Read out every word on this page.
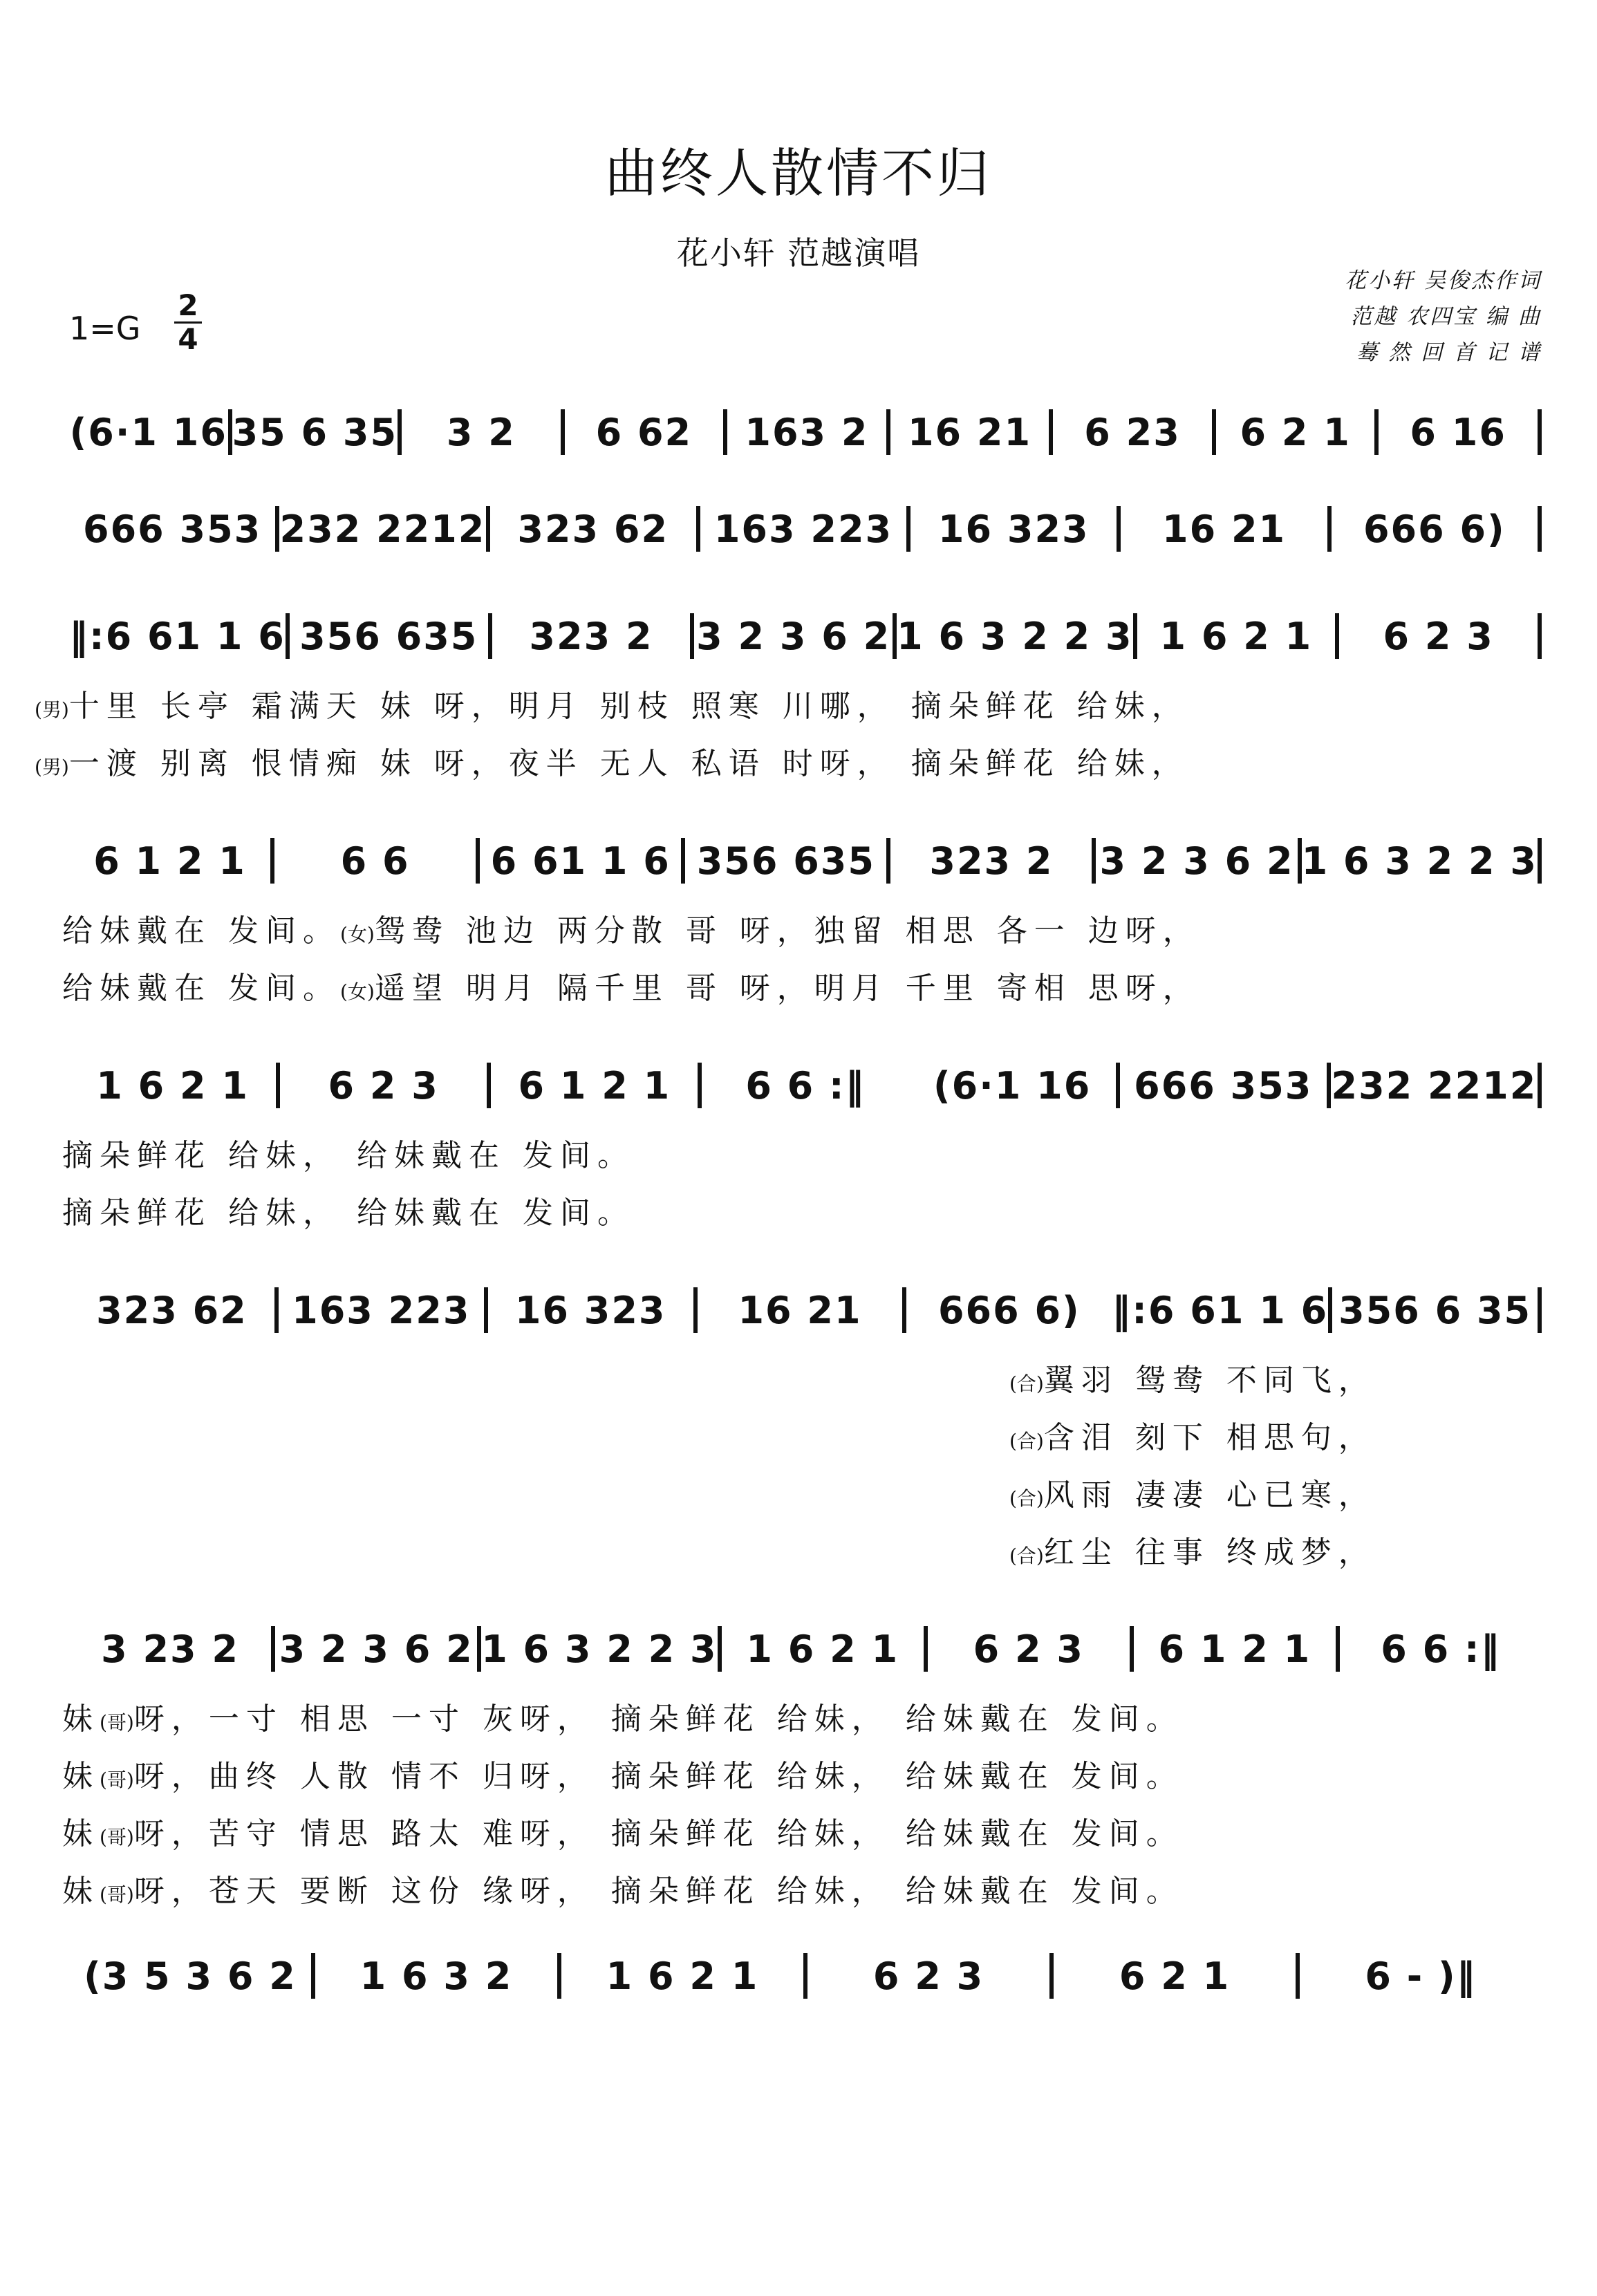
曲终人散情不归
花小轩 范越演唱
花小轩 吴俊杰作词
范越 农四宝 编 曲
蓦 然 回 首 记 谱
1=G
2
4
(6·1 16 35 6 35	3 2	6 62	163 2	16 21	6 23	6 2 1	6 16
666 353 232 2212 323 62	163 223	16 323	16 21	666 6)
‖:6 61 1 6 356 635	323 2	3 2 3 6 2 1 6 3 2 2 3 1 6 2 1	6 2 3
(男)十里 长亭 霜满天 妹 呀，明月 别枝 照寒 川哪， 摘朵鲜花 给妹，
(男)一渡 别离 恨情痴 妹 呀，夜半 无人 私语 时呀， 摘朵鲜花 给妹，
6 1 2 1	6 6	6 61 1 6 356 635	323 2	3 2 3 6 2 1 6 3 2 2 3
给妹戴在 发间。(女)鸳鸯 池边 两分散 哥 呀，独留 相思 各一 边呀，
给妹戴在 发间。(女)遥望 明月 隔千里 哥 呀，明月 千里 寄相 思呀，
1 6 2 1	6 2 3	6 1 2 1	6 6 :‖	(6·1 16	666 353 232 2212
摘朵鲜花 给妹， 给妹戴在 发间。
摘朵鲜花 给妹， 给妹戴在 发间。
323 62	163 223	16 323	16 21	666 6) ‖:6 61 1 6 356 6 35
(合)翼羽 鸳鸯 不同飞，
(合)含泪 刻下 相思句，
(合)风雨 凄凄 心已寒，
(合)红尘 往事 终成梦，
3 23 2	3 2 3 6 2 1 6 3 2 2 3 1 6 2 1	6 2 3	6 1 2 1	6 6 :‖
妹(哥)呀，一寸 相思 一寸 灰呀， 摘朵鲜花 给妹， 给妹戴在 发间。
妹(哥)呀，曲终 人散 情不 归呀， 摘朵鲜花 给妹， 给妹戴在 发间。
妹(哥)呀，苦守 情思 路太 难呀， 摘朵鲜花 给妹， 给妹戴在 发间。
妹(哥)呀，苍天 要断 这份 缘呀， 摘朵鲜花 给妹， 给妹戴在 发间。
(3 5 3 6 2	1 6 3 2	1 6 2 1	6 2 3	6 2 1	6 - )‖
